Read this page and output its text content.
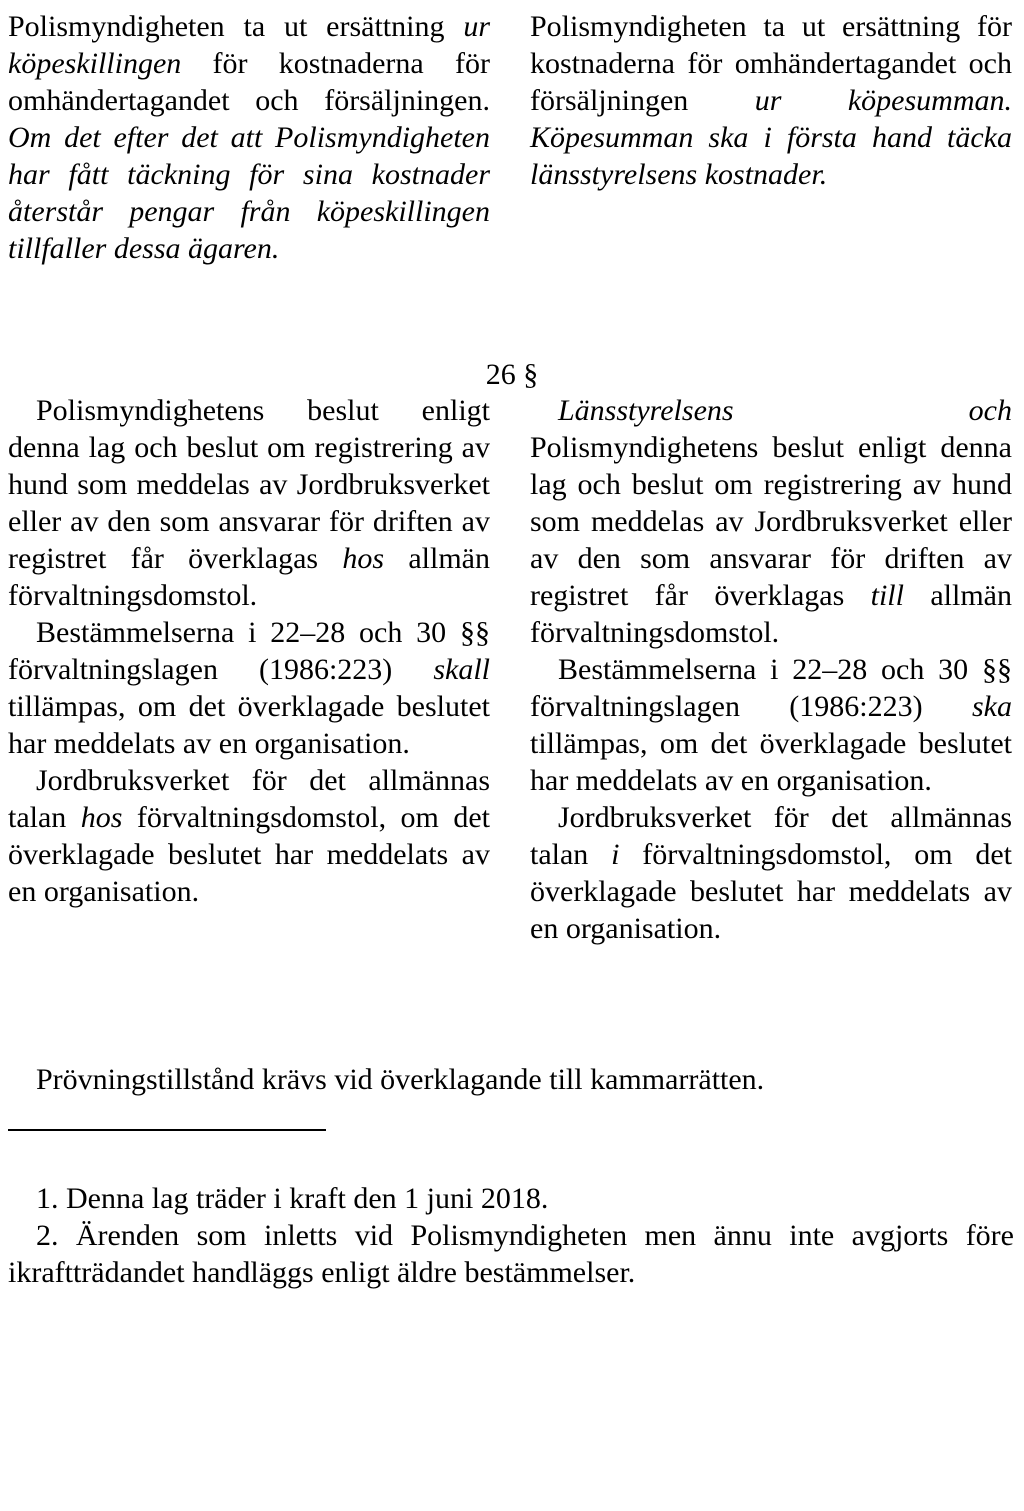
Polismyndigheten ta ut ersättning ur köpeskillingen för kostnaderna för omhändertagandet och försäljningen. Om det efter det att Polismyndigheten har fått täckning för sina kostnader återstår pengar från köpeskillingen tillfaller dessa ägaren.

Polismyndigheten ta ut ersättning för kostnaderna för omhändertagandet och försäljningen ur köpesumman. Köpesumman ska i första hand täcka länsstyrelsens kostnader.

26 §

Polismyndighetens beslut enligt denna lag och beslut om registrering av hund som meddelas av Jordbruksverket eller av den som ansvarar för driften av registret får överklagas hos allmän förvaltningsdomstol.

Bestämmelserna i 22–28 och 30 §§ förvaltningslagen (1986:223) skall tillämpas, om det överklagade beslutet har meddelats av en organisation.

Jordbruksverket för det allmännas talan hos förvaltningsdomstol, om det överklagade beslutet har meddelats av en organisation.

Länsstyrelsens och Polismyndighetens beslut enligt denna lag och beslut om registrering av hund som meddelas av Jordbruksverket eller av den som ansvarar för driften av registret får överklagas till allmän förvaltningsdomstol.

Bestämmelserna i 22–28 och 30 §§ förvaltningslagen (1986:223) ska tillämpas, om det överklagade beslutet har meddelats av en organisation.

Jordbruksverket för det allmännas talan i förvaltningsdomstol, om det överklagade beslutet har meddelats av en organisation.

Prövningstillstånd krävs vid överklagande till kammarrätten.

1. Denna lag träder i kraft den 1 juni 2018.

2. Ärenden som inletts vid Polismyndigheten men ännu inte avgjorts före ikraftträdandet handläggs enligt äldre bestämmelser.
